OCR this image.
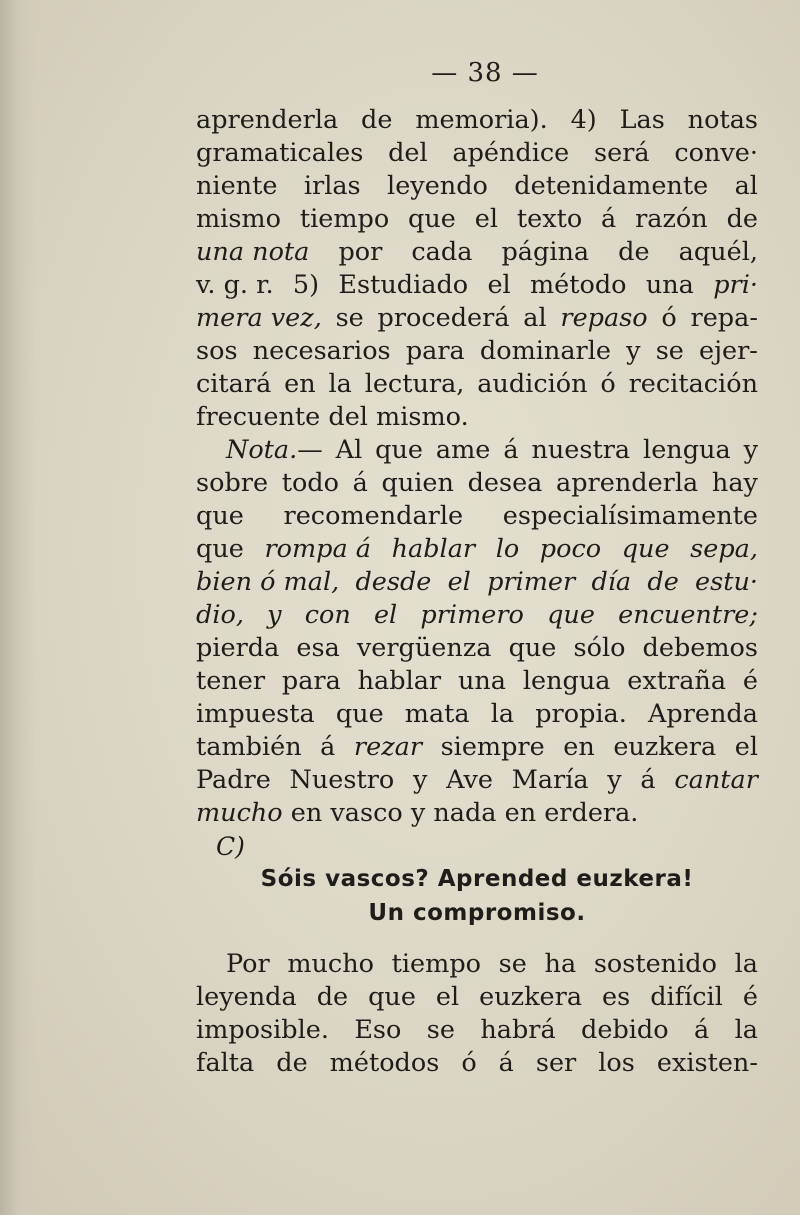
— 38 —
aprenderla de memoria). 4) Las notas
gramaticales del apéndice será conve·
niente irlas leyendo detenidamente al
mismo tiempo que el texto á razón de
una nota por cada página de aquél,
v. g. r. 5) Estudiado el método una pri·
mera vez, se procederá al repaso ó repa-
sos necesarios para dominarle y se ejer-
citará en la lectura, audición ó recitación
frecuente del mismo.
Nota.— Al que ame á nuestra lengua y
sobre todo á quien desea aprenderla hay
que recomendarle especialísimamente
que rompa á hablar lo poco que sepa,
bien ó mal, desde el primer día de estu·
dio, y con el primero que encuentre;
pierda esa vergüenza que sólo debemos
tener para hablar una lengua extraña é
impuesta que mata la propia. Aprenda
también á rezar siempre en euzkera el
Padre Nuestro y Ave María y á cantar
mucho en vasco y nada en erdera.
C)
Sóis vascos? Aprended euzkera!
Un compromiso.
Por mucho tiempo se ha sostenido la
leyenda de que el euzkera es difícil é
imposible. Eso se habrá debido á la
falta de métodos ó á ser los existen-
